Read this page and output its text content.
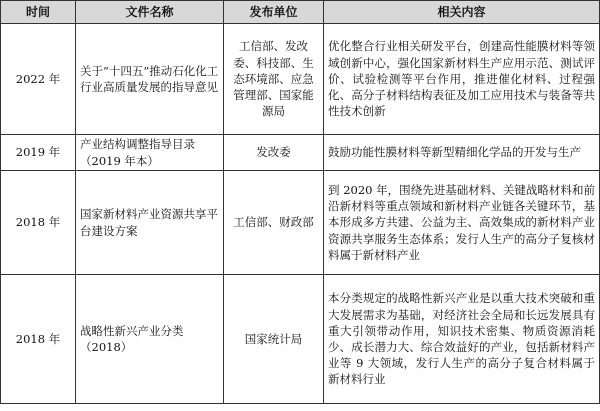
时间	文件名称	发布单位	相关内容
2022 年	关于“十四五”推动石化化工行业高质量发展的指导意见	工信部、发改委、科技部、生态环境部、应急管理部、国家能源局	优化整合行业相关研发平台，创建高性能膜材料等领域创新中心，强化国家新材料生产应用示范、测试评价、试验检测等平台作用，推进催化材料、过程强化、高分子材料结构表征及加工应用技术与装备等共性技术创新
2019 年	产业结构调整指导目录（2019 年本）	发改委	鼓励功能性膜材料等新型精细化学品的开发与生产
2018 年	国家新材料产业资源共享平台建设方案	工信部、财政部	到 2020 年，围绕先进基础材料、关键战略材料和前沿新材料等重点领域和新材料产业链各关键环节，基本形成多方共建、公益为主、高效集成的新材料产业资源共享服务生态体系；发行人生产的高分子复核材料属于新材料产业
2018 年	战略性新兴产业分类（2018）	国家统计局	本分类规定的战略性新兴产业是以重大技术突破和重大发展需求为基础，对经济社会全局和长远发展具有重大引领带动作用，知识技术密集、物质资源消耗少、成长潜力大、综合效益好的产业，包括新材料产业等 9 大领域，发行人生产的高分子复合材料属于新材料行业
